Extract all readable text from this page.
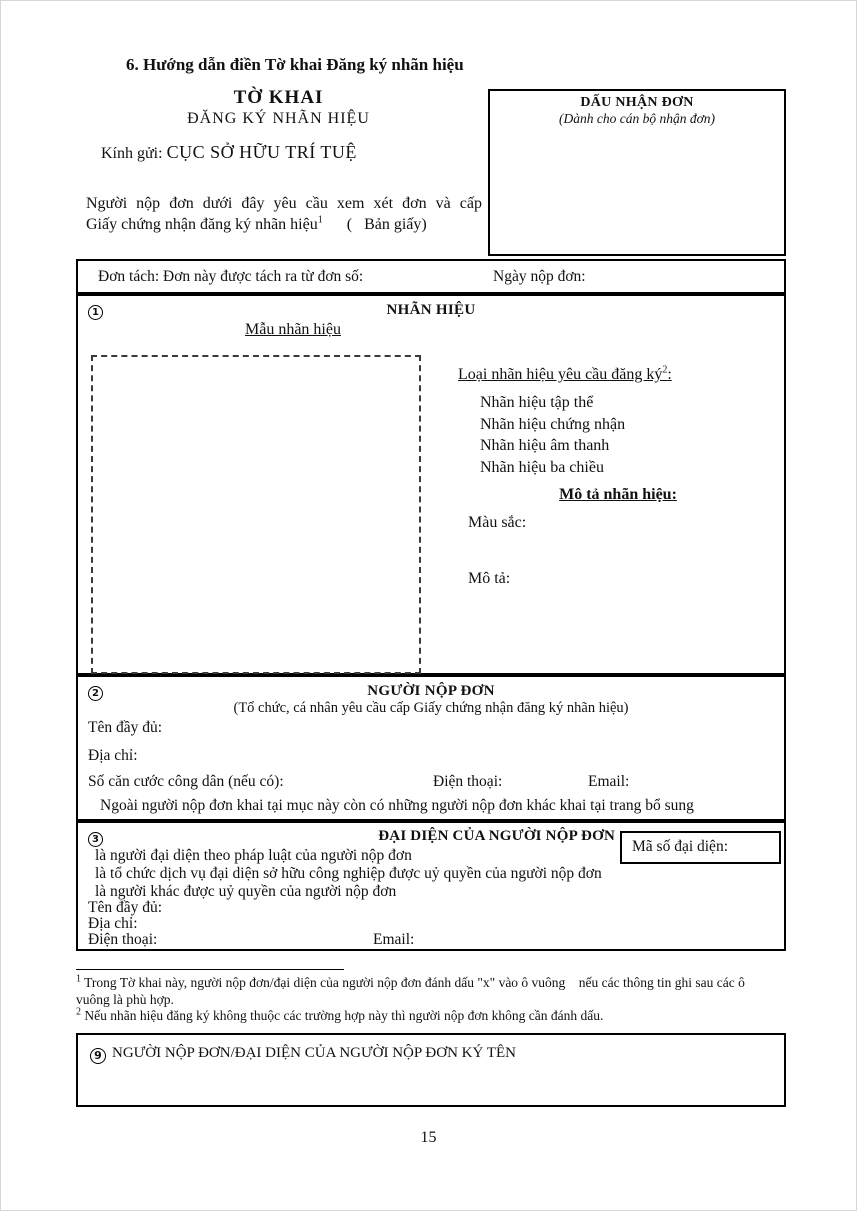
6. Hướng dẫn điền Tờ khai Đăng ký nhãn hiệu
TỜ KHAI
ĐĂNG KÝ NHÃN HIỆU
Kính gửi: CỤC SỞ HỮU TRÍ TUỆ
Người nộp đơn dưới đây yêu cầu xem xét đơn và cấp
Giấy chứng nhận đăng ký nhãn hiệu$^1$      (   Bản giấy)
DẤU NHẬN ĐƠN
(Dành cho cán bộ nhận đơn)
Đơn tách: Đơn này được tách ra từ đơn số:	Ngày nộp đơn:
1	NHÃN HIỆU
Mẫu nhãn hiệu
Loại nhãn hiệu yêu cầu đăng $ký^2$:
Nhãn hiệu tập thể
Nhãn hiệu chứng nhận
Nhãn hiệu âm thanh
Nhãn hiệu ba chiều
Mô tả nhãn hiệu:
Màu sắc:
Mô tả:
2	NGƯỜI NỘP ĐƠN
(Tổ chức, cá nhân yêu cầu cấp Giấy chứng nhận đăng ký nhãn hiệu)
Tên đầy đủ:
Địa chỉ:
Số căn cước công dân (nếu có):	Điện thoại:	Email:
Ngoài người nộp đơn khai tại mục này còn có những người nộp đơn khác khai tại trang bổ sung
3	ĐẠI DIỆN CỦA NGƯỜI NỘP ĐƠN
Mã số đại diện:
là người đại diện theo pháp luật của người nộp đơn
là tổ chức dịch vụ đại diện sở hữu công nghiệp được uỷ quyền của người nộp đơn
là người khác được uỷ quyền của người nộp đơn
Tên đầy đủ:
Địa chỉ:
Điện thoại:	Email:
$^1$ Trong Tờ khai này, người nộp đơn/đại diện của người nộp đơn đánh dấu "x" vào ô vuông    nếu các thông tin ghi sau các ô vuông là phù hợp.
$^2$ Nếu nhãn hiệu đăng ký không thuộc các trường hợp này thì người nộp đơn không cần đánh dấu.
9 NGƯỜI NỘP ĐƠN/ĐẠI DIỆN CỦA NGƯỜI NỘP ĐƠN KÝ TÊN
15
